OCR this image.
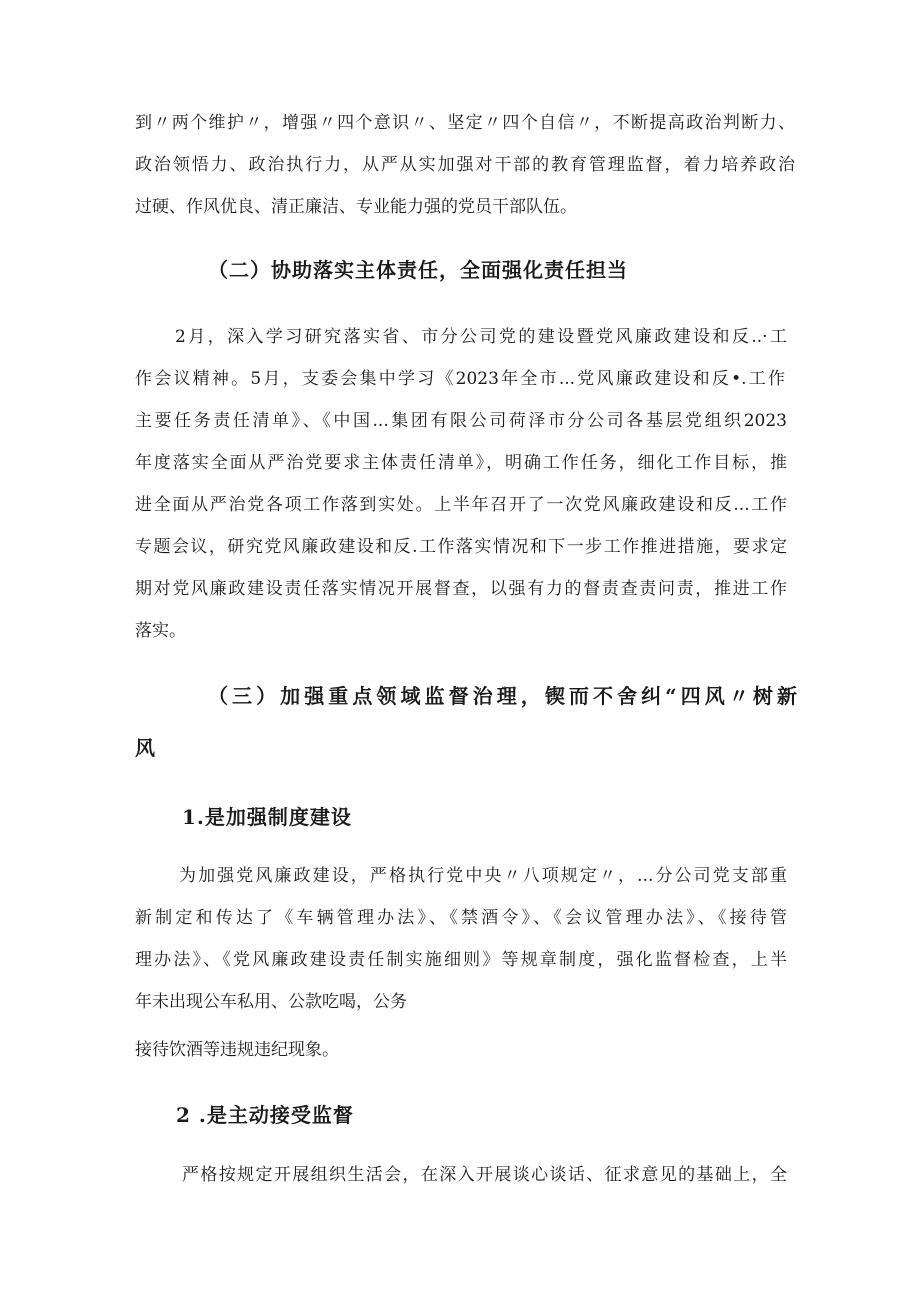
到〃两个维护〃，增强〃四个意识〃、坚定〃四个自信〃，不断提高政治判断力、
政治领悟力、政治执行力，从严从实加强对干部的教育管理监督，着力培养政治
过硬、作风优良、清正廉洁、专业能力强的党员干部队伍。
（二）协助落实主体责任，全面强化责任担当
2月，深入学习研究落实省、市分公司党的建设暨党风廉政建设和反..·工
作会议精神。5月，支委会集中学习《2023年全市...党风廉政建设和反•.工作
主要任务责任清单》、《中国...集团有限公司荷泽市分公司各基层党组织2023
年度落实全面从严治党要求主体责任清单》，明确工作任务，细化工作目标，推
进全面从严治党各项工作落到实处。上半年召开了一次党风廉政建设和反...工作
专题会议，研究党风廉政建设和反.工作落实情况和下一步工作推进措施，要求定
期对党风廉政建设责任落实情况开展督查，以强有力的督责查责问责，推进工作
落实。
（三）加强重点领域监督治理，锲而不舍纠“四风〃树新
风
1.是加强制度建设
为加强党风廉政建设，严格执行党中央〃八项规定〃，...分公司党支部重
新制定和传达了《车辆管理办法》、《禁酒令》、《会议管理办法》、《接待管
理办法》、《党风廉政建设责任制实施细则》等规章制度，强化监督检查，上半
年未出现公车私用、公款吃喝，公务
接待饮酒等违规违纪现象。
2 .是主动接受监督
严格按规定开展组织生活会，在深入开展谈心谈话、征求意见的基础上，全
